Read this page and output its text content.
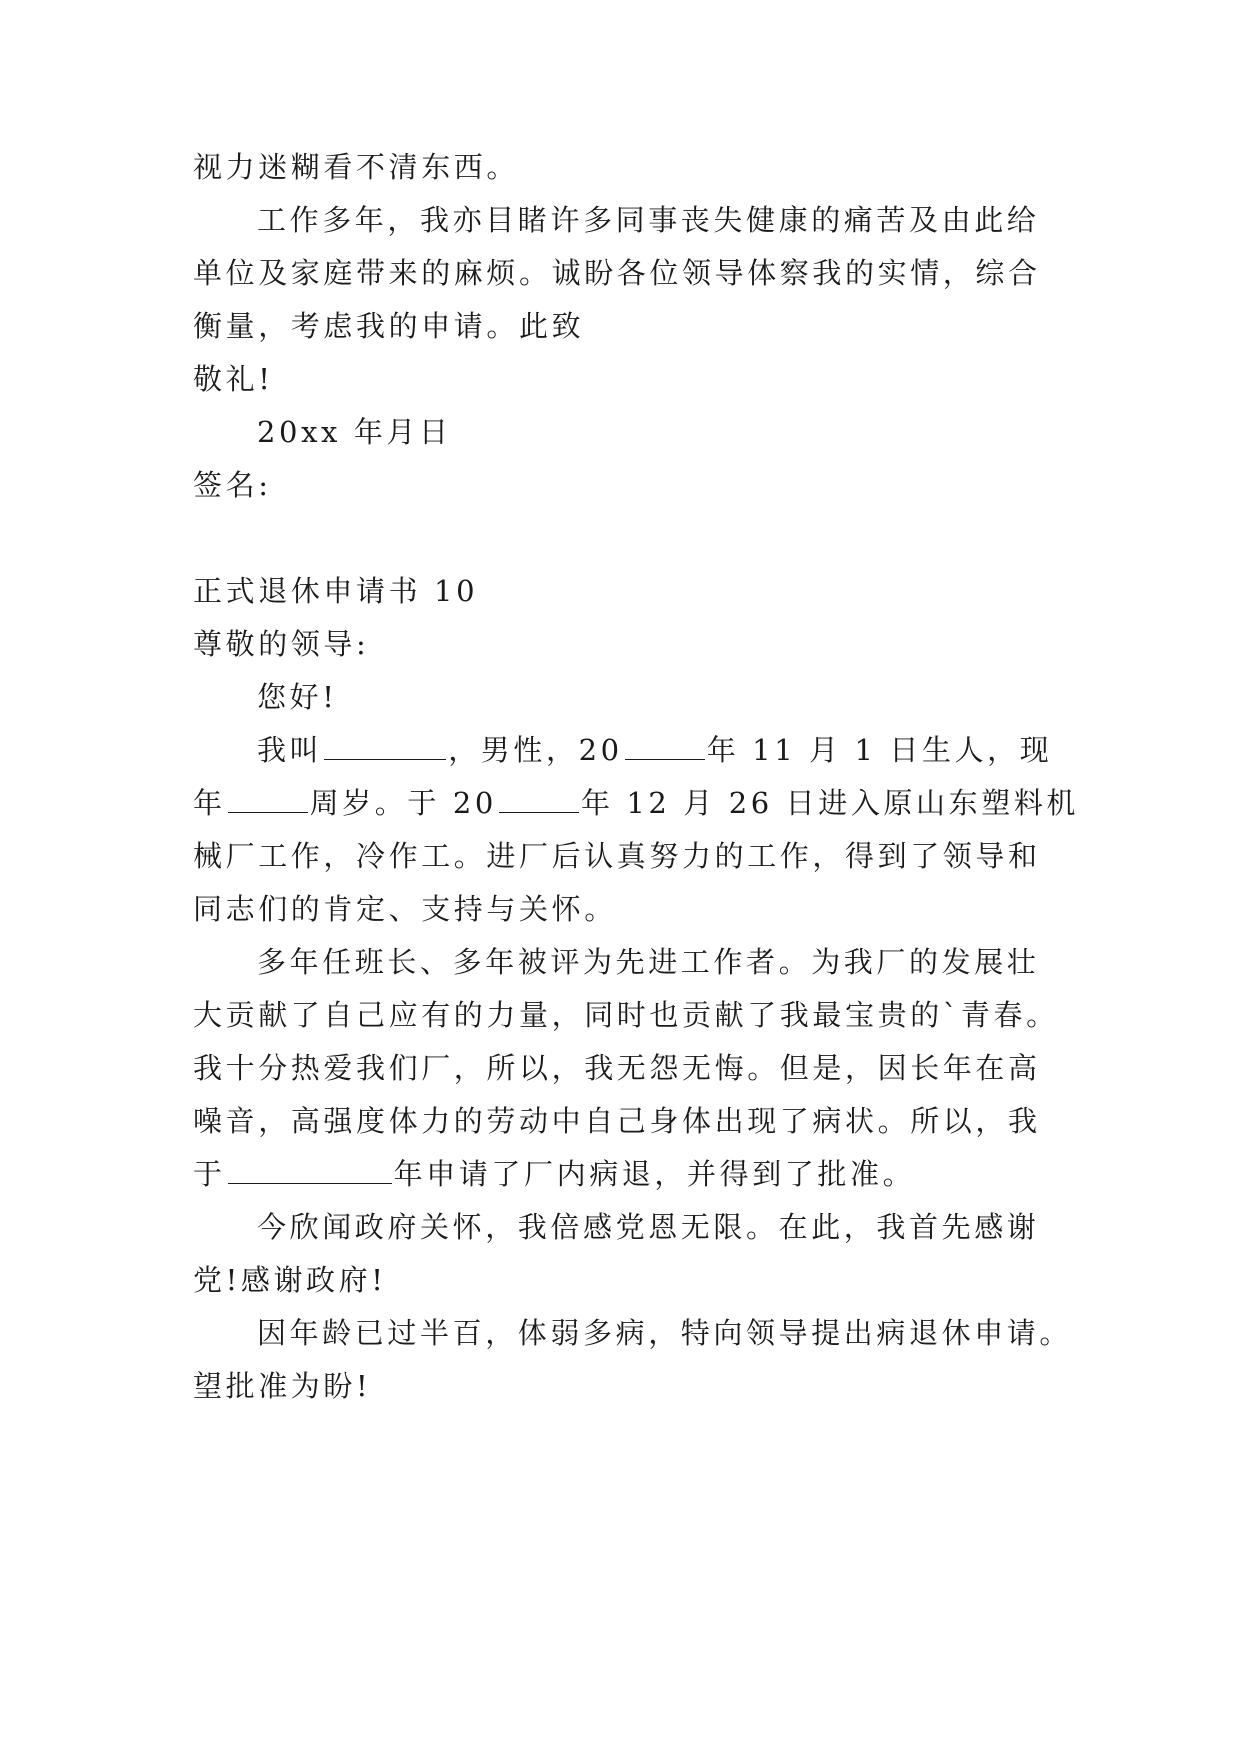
视力迷糊看不清东西。

工作多年，我亦目睹许多同事丧失健康的痛苦及由此给

单位及家庭带来的麻烦。诚盼各位领导体察我的实情，综合

衡量，考虑我的申请。此致

敬礼!

20xx 年月日

签名:

正式退休申请书 10

尊敬的领导:

您好!

我叫	，男性，20	年 11 月 1 日生人，现

年	周岁。于 20	年 12 月 26 日进入原山东塑料机

械厂工作，冷作工。进厂后认真努力的工作，得到了领导和

同志们的肯定、支持与关怀。

多年任班长、多年被评为先进工作者。为我厂的发展壮

大贡献了自己应有的力量，同时也贡献了我最宝贵的`青春。

我十分热爱我们厂，所以，我无怨无悔。但是，因长年在高

噪音，高强度体力的劳动中自己身体出现了病状。所以，我

于	年申请了厂内病退，并得到了批准。

今欣闻政府关怀，我倍感党恩无限。在此，我首先感谢

党!感谢政府!

因年龄已过半百，体弱多病，特向领导提出病退休申请。

望批准为盼!
